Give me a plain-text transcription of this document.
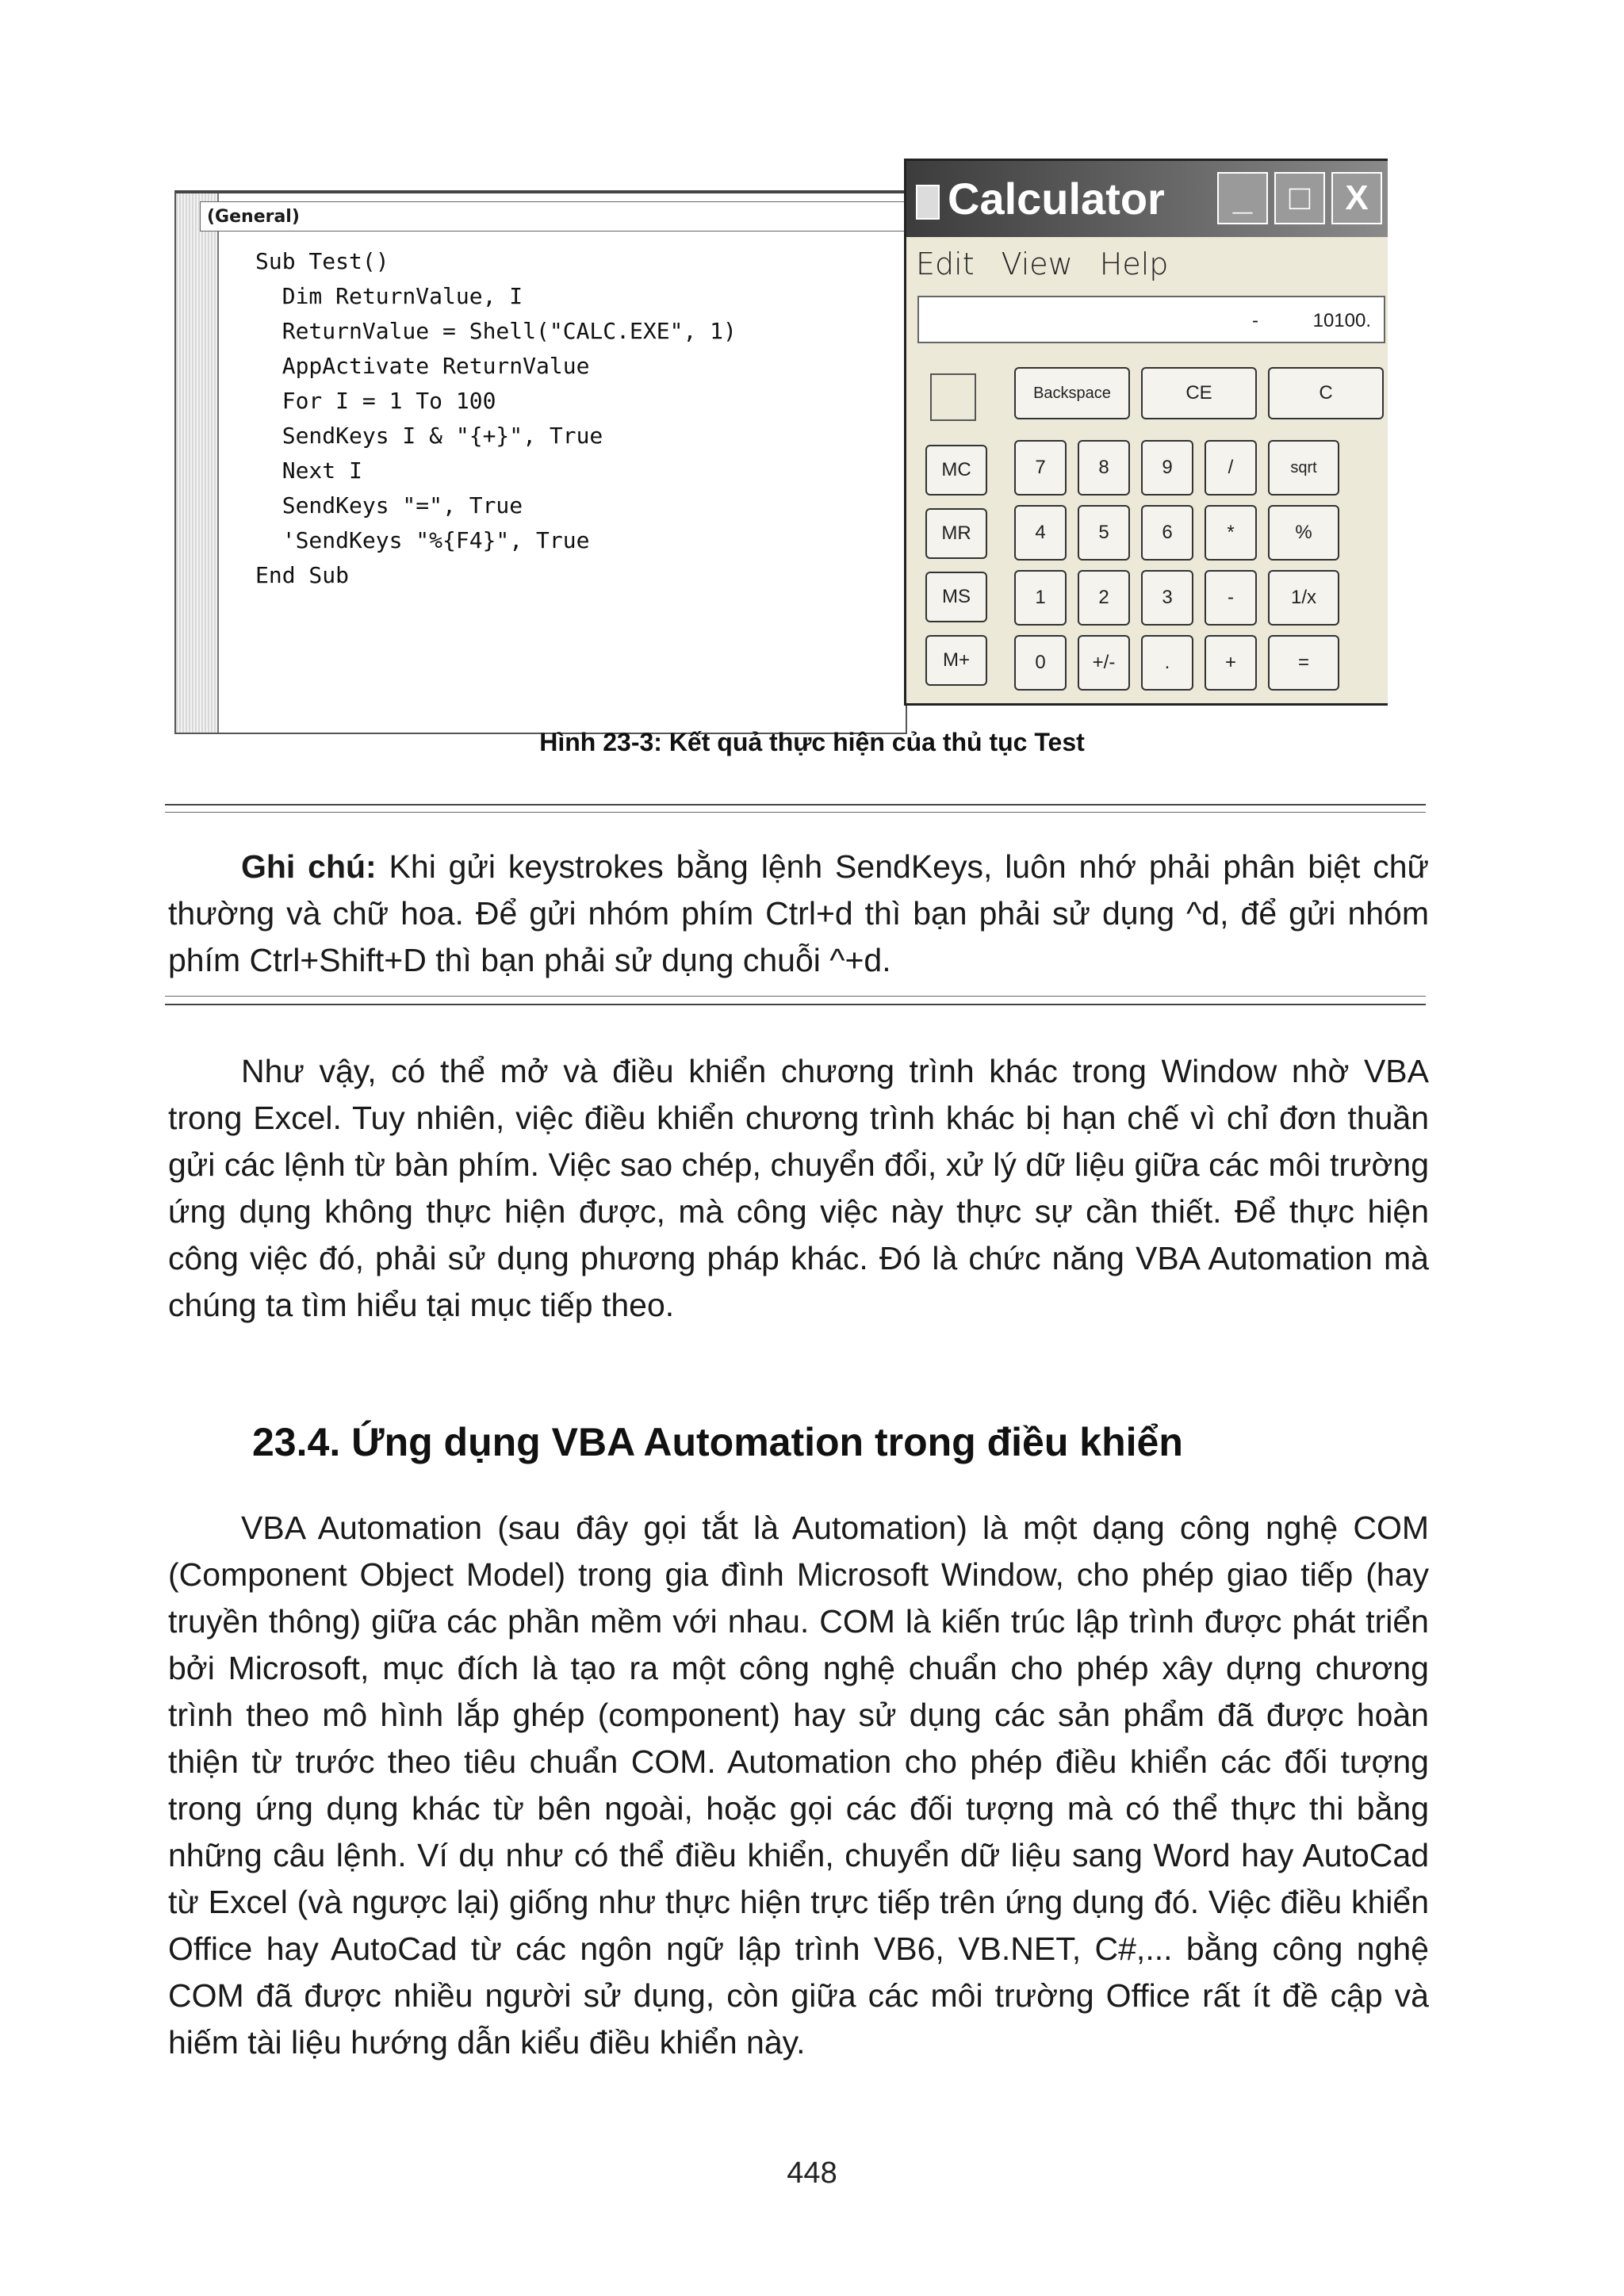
(General)
Sub Test()
Dim ReturnValue, I
ReturnValue = Shell("CALC.EXE", 1)
AppActivate ReturnValue
For I = 1 To 100
SendKeys I & "{+}", True
Next I
SendKeys "=", True
'SendKeys "%{F4}", True
End Sub
Calculator	_	□	X
Edit View Help
-	10100.
Backspace	CE	C
MC
MR
MS
M+
7	8	9	/	sqrt
4	5	6	*	%
1	2	3	-	1/x
0	+/-	.	+	=
Hình 23-3: Kết quả thực hiện của thủ tục Test
Ghi chú: Khi gửi keystrokes bằng lệnh SendKeys, luôn nhớ phải phân biệt chữ thường và chữ hoa. Để gửi nhóm phím Ctrl+d thì bạn phải sử dụng ^d, để gửi nhóm phím Ctrl+Shift+D thì bạn phải sử dụng chuỗi ^+d.
Như vậy, có thể mở và điều khiển chương trình khác trong Window nhờ VBA trong Excel. Tuy nhiên, việc điều khiển chương trình khác bị hạn chế vì chỉ đơn thuần gửi các lệnh từ bàn phím. Việc sao chép, chuyển đổi, xử lý dữ liệu giữa các môi trường ứng dụng không thực hiện được, mà công việc này thực sự cần thiết. Để thực hiện công việc đó, phải sử dụng phương pháp khác. Đó là chức năng VBA Automation mà chúng ta tìm hiểu tại mục tiếp theo.
23.4. Ứng dụng VBA Automation trong điều khiển
VBA Automation (sau đây gọi tắt là Automation) là một dạng công nghệ COM (Component Object Model) trong gia đình Microsoft Window, cho phép giao tiếp (hay truyền thông) giữa các phần mềm với nhau. COM là kiến trúc lập trình được phát triển bởi Microsoft, mục đích là tạo ra một công nghệ chuẩn cho phép xây dựng chương trình theo mô hình lắp ghép (component) hay sử dụng các sản phẩm đã được hoàn thiện từ trước theo tiêu chuẩn COM. Automation cho phép điều khiển các đối tượng trong ứng dụng khác từ bên ngoài, hoặc gọi các đối tượng mà có thể thực thi bằng những câu lệnh. Ví dụ như có thể điều khiển, chuyển dữ liệu sang Word hay AutoCad từ Excel (và ngược lại) giống như thực hiện trực tiếp trên ứng dụng đó. Việc điều khiển Office hay AutoCad từ các ngôn ngữ lập trình VB6, VB.NET, C#,... bằng công nghệ COM đã được nhiều người sử dụng, còn giữa các môi trường Office rất ít đề cập và hiếm tài liệu hướng dẫn kiểu điều khiển này.
448
